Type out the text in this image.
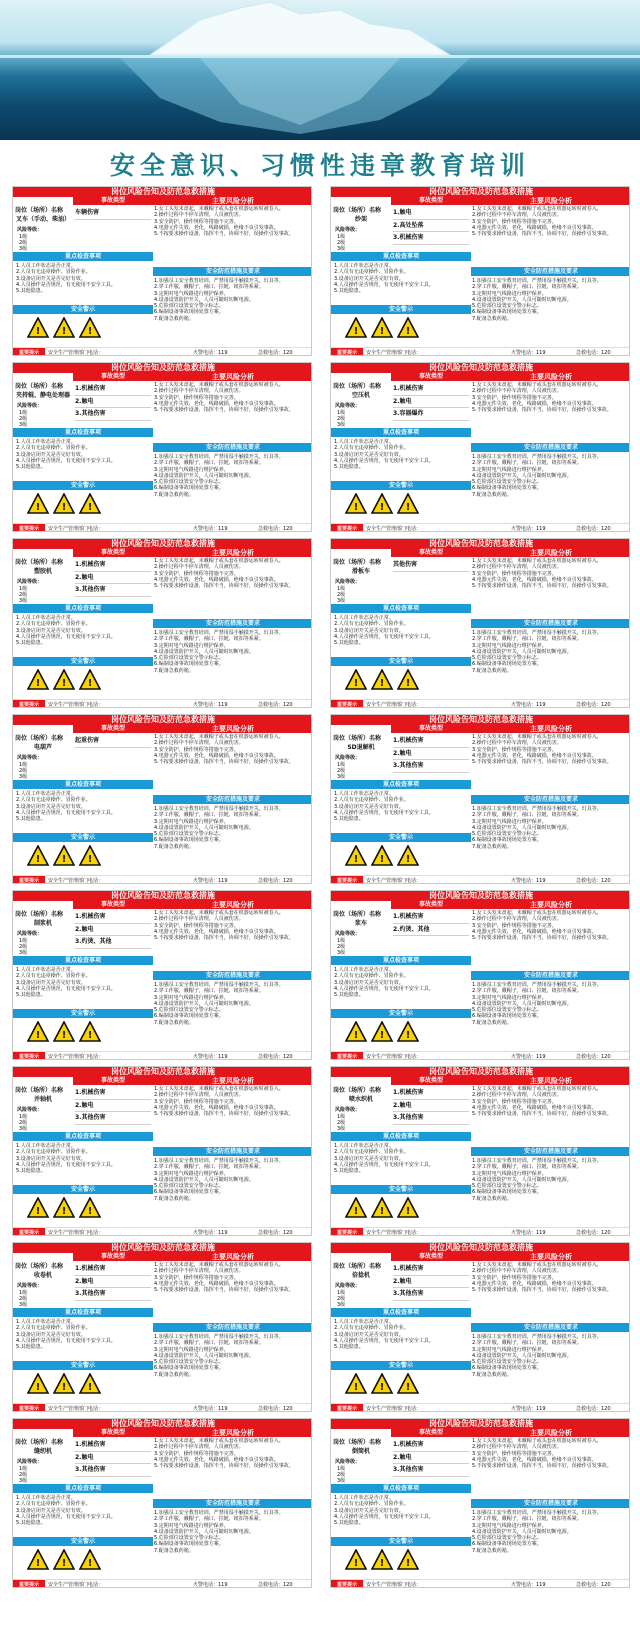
安全意识、习惯性违章教育培训
岗位风险告知及防范急救措施
事故类型	主要风险分析
岗位（场所）名称
叉车（手动、柴油）
风险等级：
1级
2级
3级
车辆伤害	1.女工头发未盘起，未戴帽子或头套在机器运转时被卷入。
2.操作过程中不停车清理，人员被伤害。
3.安全防护、操作规程等措施不完善。
4.电器元件失效、老化，线路破损，绝缘不良引发事故。
5.不按要求操作设备，指挥不当，协调不好，误操作引发事故。
重点检查事项
1.人员工作状态是否正常。
2.人员有无违章操作、冒险作业。
3.设备启闭开关是否完好有效。
4.人员操作是否规范，有无使用不安全工具。
5.其他隐患。
安全防范措施及要求
1.加强员工安全教育培训，严禁用湿手触摸开关，灯具等。
2.穿工作服，戴帽子，袖口、拉链、纽扣等系紧。
3.定期对电气线路进行维护保养。
4.设备设置防护开关，人员可随时切断电源。
5.危险部位设置安全警示标志。
6.编制设备事故现场处置方案。
7.配备急救药箱。
安全警示
! ! !
重要提示	安全生产管理部门电话：	火警电话：119	急救电话：120
岗位风险告知及防范急救措施
事故类型	主要风险分析
岗位（场所）名称
纱架
风险等级：
1级
2级
3级
1.触电
2.高处坠落
3.机械伤害
1.女工头发未盘起，未戴帽子或头套在机器运转时被卷入。
2.操作过程中不停车清理，人员被伤害。
3.安全防护、操作规程等措施不完善。
4.电器元件失效、老化，线路破损，绝缘不良引发事故。
5.不按要求操作设备，指挥不当，协调不好，误操作引发事故。
重点检查事项
1.人员工作状态是否正常。
2.人员有无违章操作、冒险作业。
3.设备启闭开关是否完好有效。
4.人员操作是否规范，有无使用不安全工具。
5.其他隐患。
安全防范措施及要求
1.加强员工安全教育培训，严禁用湿手触摸开关，灯具等。
2.穿工作服，戴帽子，袖口、拉链、纽扣等系紧。
3.定期对电气线路进行维护保养。
4.设备设置防护开关，人员可随时切断电源。
5.危险部位设置安全警示标志。
6.编制设备事故现场处置方案。
7.配备急救药箱。
安全警示
! ! !
重要提示	安全生产管理部门电话：	火警电话：119	急救电话：120
岗位风险告知及防范急救措施
事故类型	主要风险分析
岗位（场所）名称
夹持辊、静电处理器
风险等级：
1级
2级
3级
1.机械伤害
2.触电
3.其他伤害
1.女工头发未盘起，未戴帽子或头套在机器运转时被卷入。
2.操作过程中不停车清理，人员被伤害。
3.安全防护、操作规程等措施不完善。
4.电器元件失效、老化，线路破损，绝缘不良引发事故。
5.不按要求操作设备，指挥不当，协调不好，误操作引发事故。
重点检查事项
1.人员工作状态是否正常。
2.人员有无违章操作、冒险作业。
3.设备启闭开关是否完好有效。
4.人员操作是否规范，有无使用不安全工具。
5.其他隐患。
安全防范措施及要求
1.加强员工安全教育培训，严禁用湿手触摸开关，灯具等。
2.穿工作服，戴帽子，袖口、拉链、纽扣等系紧。
3.定期对电气线路进行维护保养。
4.设备设置防护开关，人员可随时切断电源。
5.危险部位设置安全警示标志。
6.编制设备事故现场处置方案。
7.配备急救药箱。
安全警示
! ! !
重要提示	安全生产管理部门电话：	火警电话：119	急救电话：120
岗位风险告知及防范急救措施
事故类型	主要风险分析
岗位（场所）名称
空压机
风险等级：
1级
2级
3级
1.机械伤害
2.触电
3.容器爆炸
1.女工头发未盘起，未戴帽子或头套在机器运转时被卷入。
2.操作过程中不停车清理，人员被伤害。
3.安全防护、操作规程等措施不完善。
4.电器元件失效、老化，线路破损，绝缘不良引发事故。
5.不按要求操作设备，指挥不当，协调不好，误操作引发事故。
重点检查事项
1.人员工作状态是否正常。
2.人员有无违章操作、冒险作业。
3.设备启闭开关是否完好有效。
4.人员操作是否规范，有无使用不安全工具。
5.其他隐患。
安全防范措施及要求
1.加强员工安全教育培训，严禁用湿手触摸开关，灯具等。
2.穿工作服，戴帽子，袖口、拉链、纽扣等系紧。
3.定期对电气线路进行维护保养。
4.设备设置防护开关，人员可随时切断电源。
5.危险部位设置安全警示标志。
6.编制设备事故现场处置方案。
7.配备急救药箱。
安全警示
! ! !
重要提示	安全生产管理部门电话：	火警电话：119	急救电话：120
岗位风险告知及防范急救措施
事故类型	主要风险分析
岗位（场所）名称
塑胶机
风险等级：
1级
2级
3级
1.机械伤害
2.触电
3.其他伤害
1.女工头发未盘起，未戴帽子或头套在机器运转时被卷入。
2.操作过程中不停车清理，人员被伤害。
3.安全防护、操作规程等措施不完善。
4.电器元件失效、老化，线路破损，绝缘不良引发事故。
5.不按要求操作设备，指挥不当，协调不好，误操作引发事故。
重点检查事项
1.人员工作状态是否正常。
2.人员有无违章操作、冒险作业。
3.设备启闭开关是否完好有效。
4.人员操作是否规范，有无使用不安全工具。
5.其他隐患。
安全防范措施及要求
1.加强员工安全教育培训，严禁用湿手触摸开关，灯具等。
2.穿工作服，戴帽子，袖口、拉链、纽扣等系紧。
3.定期对电气线路进行维护保养。
4.设备设置防护开关，人员可随时切断电源。
5.危险部位设置安全警示标志。
6.编制设备事故现场处置方案。
7.配备急救药箱。
安全警示
! ! !
重要提示	安全生产管理部门电话：	火警电话：119	急救电话：120
岗位风险告知及防范急救措施
事故类型	主要风险分析
岗位（场所）名称
滑板车
风险等级：
1级
2级
3级
其他伤害	1.女工头发未盘起，未戴帽子或头套在机器运转时被卷入。
2.操作过程中不停车清理，人员被伤害。
3.安全防护、操作规程等措施不完善。
4.电器元件失效、老化，线路破损，绝缘不良引发事故。
5.不按要求操作设备，指挥不当，协调不好，误操作引发事故。
重点检查事项
1.人员工作状态是否正常。
2.人员有无违章操作、冒险作业。
3.设备启闭开关是否完好有效。
4.人员操作是否规范，有无使用不安全工具。
5.其他隐患。
安全防范措施及要求
1.加强员工安全教育培训，严禁用湿手触摸开关，灯具等。
2.穿工作服，戴帽子，袖口、拉链、纽扣等系紧。
3.定期对电气线路进行维护保养。
4.设备设置防护开关，人员可随时切断电源。
5.危险部位设置安全警示标志。
6.编制设备事故现场处置方案。
7.配备急救药箱。
安全警示
! ! !
重要提示	安全生产管理部门电话：	火警电话：119	急救电话：120
岗位风险告知及防范急救措施
事故类型	主要风险分析
岗位（场所）名称
电葫芦
风险等级：
1级
2级
3级
起重伤害	1.女工头发未盘起，未戴帽子或头套在机器运转时被卷入。
2.操作过程中不停车清理，人员被伤害。
3.安全防护、操作规程等措施不完善。
4.电器元件失效、老化，线路破损，绝缘不良引发事故。
5.不按要求操作设备，指挥不当，协调不好，误操作引发事故。
重点检查事项
1.人员工作状态是否正常。
2.人员有无违章操作、冒险作业。
3.设备启闭开关是否完好有效。
4.人员操作是否规范，有无使用不安全工具。
5.其他隐患。
安全防范措施及要求
1.加强员工安全教育培训，严禁用湿手触摸开关，灯具等。
2.穿工作服，戴帽子，袖口、拉链、纽扣等系紧。
3.定期对电气线路进行维护保养。
4.设备设置防护开关，人员可随时切断电源。
5.危险部位设置安全警示标志。
6.编制设备事故现场处置方案。
7.配备急救药箱。
安全警示
! ! !
重要提示	安全生产管理部门电话：	火警电话：119	急救电话：120
岗位风险告知及防范急救措施
事故类型	主要风险分析
岗位（场所）名称
SD退解机
风险等级：
1级
2级
3级
1.机械伤害
2.触电
3.其他伤害
1.女工头发未盘起，未戴帽子或头套在机器运转时被卷入。
2.操作过程中不停车清理，人员被伤害。
3.安全防护、操作规程等措施不完善。
4.电器元件失效、老化，线路破损，绝缘不良引发事故。
5.不按要求操作设备，指挥不当，协调不好，误操作引发事故。
重点检查事项
1.人员工作状态是否正常。
2.人员有无违章操作、冒险作业。
3.设备启闭开关是否完好有效。
4.人员操作是否规范，有无使用不安全工具。
5.其他隐患。
安全防范措施及要求
1.加强员工安全教育培训，严禁用湿手触摸开关，灯具等。
2.穿工作服，戴帽子，袖口、拉链、纽扣等系紧。
3.定期对电气线路进行维护保养。
4.设备设置防护开关，人员可随时切断电源。
5.危险部位设置安全警示标志。
6.编制设备事故现场处置方案。
7.配备急救药箱。
安全警示
! ! !
重要提示	安全生产管理部门电话：	火警电话：119	急救电话：120
岗位风险告知及防范急救措施
事故类型	主要风险分析
岗位（场所）名称
制浆机
风险等级：
1级
2级
3级
1.机械伤害
2.触电
3.灼烫、其他
1.女工头发未盘起，未戴帽子或头套在机器运转时被卷入。
2.操作过程中不停车清理，人员被伤害。
3.安全防护、操作规程等措施不完善。
4.电器元件失效、老化，线路破损，绝缘不良引发事故。
5.不按要求操作设备，指挥不当，协调不好，误操作引发事故。
重点检查事项
1.人员工作状态是否正常。
2.人员有无违章操作、冒险作业。
3.设备启闭开关是否完好有效。
4.人员操作是否规范，有无使用不安全工具。
5.其他隐患。
安全防范措施及要求
1.加强员工安全教育培训，严禁用湿手触摸开关，灯具等。
2.穿工作服，戴帽子，袖口、拉链、纽扣等系紧。
3.定期对电气线路进行维护保养。
4.设备设置防护开关，人员可随时切断电源。
5.危险部位设置安全警示标志。
6.编制设备事故现场处置方案。
7.配备急救药箱。
安全警示
! ! !
重要提示	安全生产管理部门电话：	火警电话：119	急救电话：120
岗位风险告知及防范急救措施
事故类型	主要风险分析
岗位（场所）名称
浆车
风险等级：
1级
2级
3级
1.机械伤害
2.灼烫、其他
1.女工头发未盘起，未戴帽子或头套在机器运转时被卷入。
2.操作过程中不停车清理，人员被伤害。
3.安全防护、操作规程等措施不完善。
4.电器元件失效、老化，线路破损，绝缘不良引发事故。
5.不按要求操作设备，指挥不当，协调不好，误操作引发事故。
重点检查事项
1.人员工作状态是否正常。
2.人员有无违章操作、冒险作业。
3.设备启闭开关是否完好有效。
4.人员操作是否规范，有无使用不安全工具。
5.其他隐患。
安全防范措施及要求
1.加强员工安全教育培训，严禁用湿手触摸开关，灯具等。
2.穿工作服，戴帽子，袖口、拉链、纽扣等系紧。
3.定期对电气线路进行维护保养。
4.设备设置防护开关，人员可随时切断电源。
5.危险部位设置安全警示标志。
6.编制设备事故现场处置方案。
7.配备急救药箱。
安全警示
! ! !
重要提示	安全生产管理部门电话：	火警电话：119	急救电话：120
岗位风险告知及防范急救措施
事故类型	主要风险分析
岗位（场所）名称
并轴机
风险等级：
1级
2级
3级
1.机械伤害
2.触电
3.其他伤害
1.女工头发未盘起，未戴帽子或头套在机器运转时被卷入。
2.操作过程中不停车清理，人员被伤害。
3.安全防护、操作规程等措施不完善。
4.电器元件失效、老化，线路破损，绝缘不良引发事故。
5.不按要求操作设备，指挥不当，协调不好，误操作引发事故。
重点检查事项
1.人员工作状态是否正常。
2.人员有无违章操作、冒险作业。
3.设备启闭开关是否完好有效。
4.人员操作是否规范，有无使用不安全工具。
5.其他隐患。
安全防范措施及要求
1.加强员工安全教育培训，严禁用湿手触摸开关，灯具等。
2.穿工作服，戴帽子，袖口、拉链、纽扣等系紧。
3.定期对电气线路进行维护保养。
4.设备设置防护开关，人员可随时切断电源。
5.危险部位设置安全警示标志。
6.编制设备事故现场处置方案。
7.配备急救药箱。
安全警示
! ! !
重要提示	安全生产管理部门电话：	火警电话：119	急救电话：120
岗位风险告知及防范急救措施
事故类型	主要风险分析
岗位（场所）名称
喷水织机
风险等级：
1级
2级
3级
1.机械伤害
2.触电
3.其他伤害
1.女工头发未盘起，未戴帽子或头套在机器运转时被卷入。
2.操作过程中不停车清理，人员被伤害。
3.安全防护、操作规程等措施不完善。
4.电器元件失效、老化，线路破损，绝缘不良引发事故。
5.不按要求操作设备，指挥不当，协调不好，误操作引发事故。
重点检查事项
1.人员工作状态是否正常。
2.人员有无违章操作、冒险作业。
3.设备启闭开关是否完好有效。
4.人员操作是否规范，有无使用不安全工具。
5.其他隐患。
安全防范措施及要求
1.加强员工安全教育培训，严禁用湿手触摸开关，灯具等。
2.穿工作服，戴帽子，袖口、拉链、纽扣等系紧。
3.定期对电气线路进行维护保养。
4.设备设置防护开关，人员可随时切断电源。
5.危险部位设置安全警示标志。
6.编制设备事故现场处置方案。
7.配备急救药箱。
安全警示
! ! !
重要提示	安全生产管理部门电话：	火警电话：119	急救电话：120
岗位风险告知及防范急救措施
事故类型	主要风险分析
岗位（场所）名称
收卷机
风险等级：
1级
2级
3级
1.机械伤害
2.触电
3.其他伤害
1.女工头发未盘起，未戴帽子或头套在机器运转时被卷入。
2.操作过程中不停车清理，人员被伤害。
3.安全防护、操作规程等措施不完善。
4.电器元件失效、老化，线路破损，绝缘不良引发事故。
5.不按要求操作设备，指挥不当，协调不好，误操作引发事故。
重点检查事项
1.人员工作状态是否正常。
2.人员有无违章操作、冒险作业。
3.设备启闭开关是否完好有效。
4.人员操作是否规范，有无使用不安全工具。
5.其他隐患。
安全防范措施及要求
1.加强员工安全教育培训，严禁用湿手触摸开关，灯具等。
2.穿工作服，戴帽子，袖口、拉链、纽扣等系紧。
3.定期对电气线路进行维护保养。
4.设备设置防护开关，人员可随时切断电源。
5.危险部位设置安全警示标志。
6.编制设备事故现场处置方案。
7.配备急救药箱。
安全警示
! ! !
重要提示	安全生产管理部门电话：	火警电话：119	急救电话：120
岗位风险告知及防范急救措施
事故类型	主要风险分析
岗位（场所）名称
倍捻机
风险等级：
1级
2级
3级
1.机械伤害
2.触电
3.其他伤害
1.女工头发未盘起，未戴帽子或头套在机器运转时被卷入。
2.操作过程中不停车清理，人员被伤害。
3.安全防护、操作规程等措施不完善。
4.电器元件失效、老化，线路破损，绝缘不良引发事故。
5.不按要求操作设备，指挥不当，协调不好，误操作引发事故。
重点检查事项
1.人员工作状态是否正常。
2.人员有无违章操作、冒险作业。
3.设备启闭开关是否完好有效。
4.人员操作是否规范，有无使用不安全工具。
5.其他隐患。
安全防范措施及要求
1.加强员工安全教育培训，严禁用湿手触摸开关，灯具等。
2.穿工作服，戴帽子，袖口、拉链、纽扣等系紧。
3.定期对电气线路进行维护保养。
4.设备设置防护开关，人员可随时切断电源。
5.危险部位设置安全警示标志。
6.编制设备事故现场处置方案。
7.配备急救药箱。
安全警示
! ! !
重要提示	安全生产管理部门电话：	火警电话：119	急救电话：120
岗位风险告知及防范急救措施
事故类型	主要风险分析
岗位（场所）名称
缝纫机
风险等级：
1级
2级
3级
1.机械伤害
2.触电
3.其他伤害
1.女工头发未盘起，未戴帽子或头套在机器运转时被卷入。
2.操作过程中不停车清理，人员被伤害。
3.安全防护、操作规程等措施不完善。
4.电器元件失效、老化，线路破损，绝缘不良引发事故。
5.不按要求操作设备，指挥不当，协调不好，误操作引发事故。
重点检查事项
1.人员工作状态是否正常。
2.人员有无违章操作、冒险作业。
3.设备启闭开关是否完好有效。
4.人员操作是否规范，有无使用不安全工具。
5.其他隐患。
安全防范措施及要求
1.加强员工安全教育培训，严禁用湿手触摸开关，灯具等。
2.穿工作服，戴帽子，袖口、拉链、纽扣等系紧。
3.定期对电气线路进行维护保养。
4.设备设置防护开关，人员可随时切断电源。
5.危险部位设置安全警示标志。
6.编制设备事故现场处置方案。
7.配备急救药箱。
安全警示
! ! !
重要提示	安全生产管理部门电话：	火警电话：119	急救电话：120
岗位风险告知及防范急救措施
事故类型	主要风险分析
岗位（场所）名称
倒筒机
风险等级：
1级
2级
3级
1.机械伤害
2.触电
3.其他伤害
1.女工头发未盘起，未戴帽子或头套在机器运转时被卷入。
2.操作过程中不停车清理，人员被伤害。
3.安全防护、操作规程等措施不完善。
4.电器元件失效、老化，线路破损，绝缘不良引发事故。
5.不按要求操作设备，指挥不当，协调不好，误操作引发事故。
重点检查事项
1.人员工作状态是否正常。
2.人员有无违章操作、冒险作业。
3.设备启闭开关是否完好有效。
4.人员操作是否规范，有无使用不安全工具。
5.其他隐患。
安全防范措施及要求
1.加强员工安全教育培训，严禁用湿手触摸开关，灯具等。
2.穿工作服，戴帽子，袖口、拉链、纽扣等系紧。
3.定期对电气线路进行维护保养。
4.设备设置防护开关，人员可随时切断电源。
5.危险部位设置安全警示标志。
6.编制设备事故现场处置方案。
7.配备急救药箱。
安全警示
! ! !
重要提示	安全生产管理部门电话：	火警电话：119	急救电话：120
